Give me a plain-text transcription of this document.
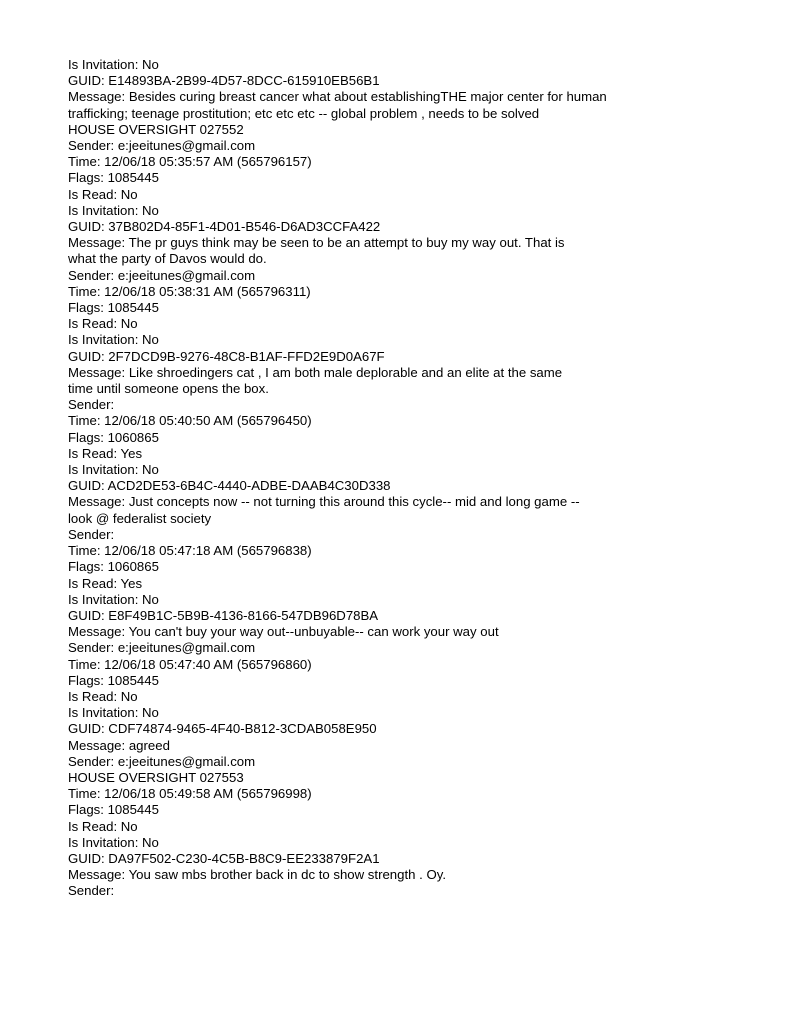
Is Invitation: No
GUID: E14893BA-2B99-4D57-8DCC-615910EB56B1
Message: Besides curing breast cancer what about establishingTHE major center for human
trafficking; teenage prostitution; etc etc etc -- global problem , needs to be solved
HOUSE OVERSIGHT 027552
Sender: e:jeeitunes@gmail.com
Time: 12/06/18 05:35:57 AM (565796157)
Flags: 1085445
Is Read: No
Is Invitation: No
GUID: 37B802D4-85F1-4D01-B546-D6AD3CCFA422
Message: The pr guys think may be seen to be an attempt to buy my way out. That is
what the party of Davos would do.
Sender: e:jeeitunes@gmail.com
Time: 12/06/18 05:38:31 AM (565796311)
Flags: 1085445
Is Read: No
Is Invitation: No
GUID: 2F7DCD9B-9276-48C8-B1AF-FFD2E9D0A67F
Message: Like shroedingers cat , I am both male deplorable and an elite at the same
time until someone opens the box.
Sender:
Time: 12/06/18 05:40:50 AM (565796450)
Flags: 1060865
Is Read: Yes
Is Invitation: No
GUID: ACD2DE53-6B4C-4440-ADBE-DAAB4C30D338
Message: Just concepts now -- not turning this around this cycle-- mid and long game --
look @ federalist society
Sender:
Time: 12/06/18 05:47:18 AM (565796838)
Flags: 1060865
Is Read: Yes
Is Invitation: No
GUID: E8F49B1C-5B9B-4136-8166-547DB96D78BA
Message: You can't buy your way out--unbuyable-- can work your way out
Sender: e:jeeitunes@gmail.com
Time: 12/06/18 05:47:40 AM (565796860)
Flags: 1085445
Is Read: No
Is Invitation: No
GUID: CDF74874-9465-4F40-B812-3CDAB058E950
Message: agreed
Sender: e:jeeitunes@gmail.com
HOUSE OVERSIGHT 027553
Time: 12/06/18 05:49:58 AM (565796998)
Flags: 1085445
Is Read: No
Is Invitation: No
GUID: DA97F502-C230-4C5B-B8C9-EE233879F2A1
Message: You saw mbs brother back in dc to show strength . Oy.
Sender:
